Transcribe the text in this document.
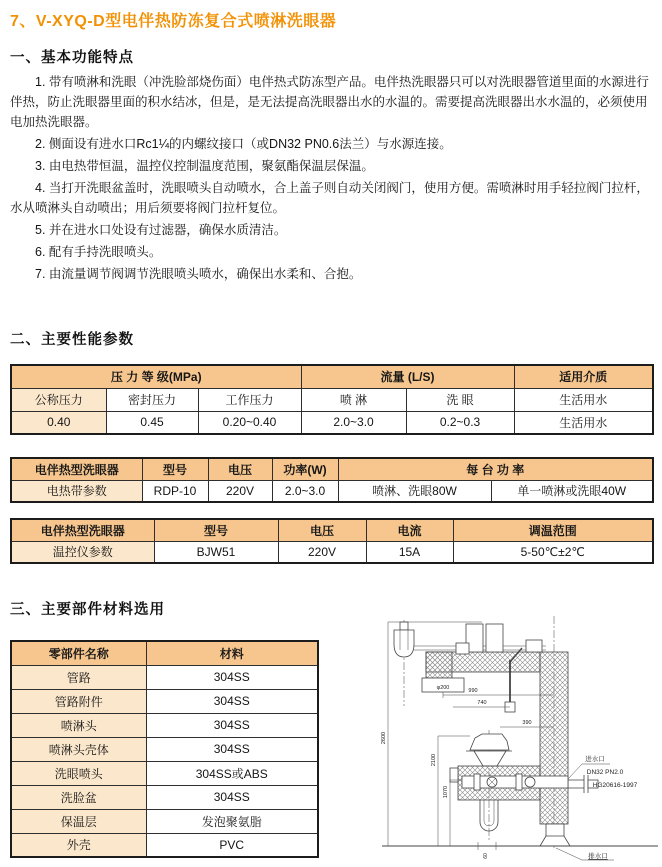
7、V-XYQ-D型电伴热防冻复合式喷淋洗眼器
一、基本功能特点

1. 带有喷淋和洗眼（冲洗脸部烧伤面）电伴热式防冻型产品。电伴热洗眼器只可以对洗眼器管道里面的水源进行伴热，防止洗眼器里面的积水结冰，但是，是无法提高洗眼器出水的水温的。需要提高洗眼器出水水温的，必须使用电加热洗眼器。

2. 侧面设有进水口Rc1¼的内螺纹接口（或DN32 PN0.6法兰）与水源连接。

3. 由电热带恒温，温控仪控制温度范围，聚氨酯保温层保温。

4. 当打开洗眼盆盖时，洗眼喷头自动喷水，合上盖子则自动关闭阀门，使用方便。需喷淋时用手轻拉阀门拉杆，水从喷淋头自动喷出；用后须要将阀门拉杆复位。

5. 并在进水口处设有过滤器，确保水质清洁。

6. 配有手持洗眼喷头。

7. 由流量调节阀调节洗眼喷头喷水，确保出水柔和、合抱。

二、主要性能参数
压 力 等 级(MPa)			流量 (L/S)		适用介质
公称压力	密封压力	工作压力	喷 淋	洗 眼	生活用水
0.40	0.45	0.20~0.40	2.0~3.0	0.2~0.3	生活用水
电伴热型洗眼器	型号	电压	功率(W)	每 台 功 率	
电热带参数	RDP-10	220V	2.0~3.0	喷淋、洗眼80W	单一喷淋或洗眼40W
电伴热型洗眼器	型号	电压	电流	调温范围
温控仪参数	BJW51	220V	15A	5-50℃±2℃
三、主要部件材料选用
零部件名称	材料
管路	304SS
管路附件	304SS
喷淋头	304SS
喷淋头壳体	304SS
洗眼喷头	304SS或ABS
洗脸盆	304SS
保温层	发泡聚氨脂
外壳	PVC
φ200	990
740
390
2600
2100
1070
60
进水口
DN32 PN2.0
HG20616-1997
排水口
